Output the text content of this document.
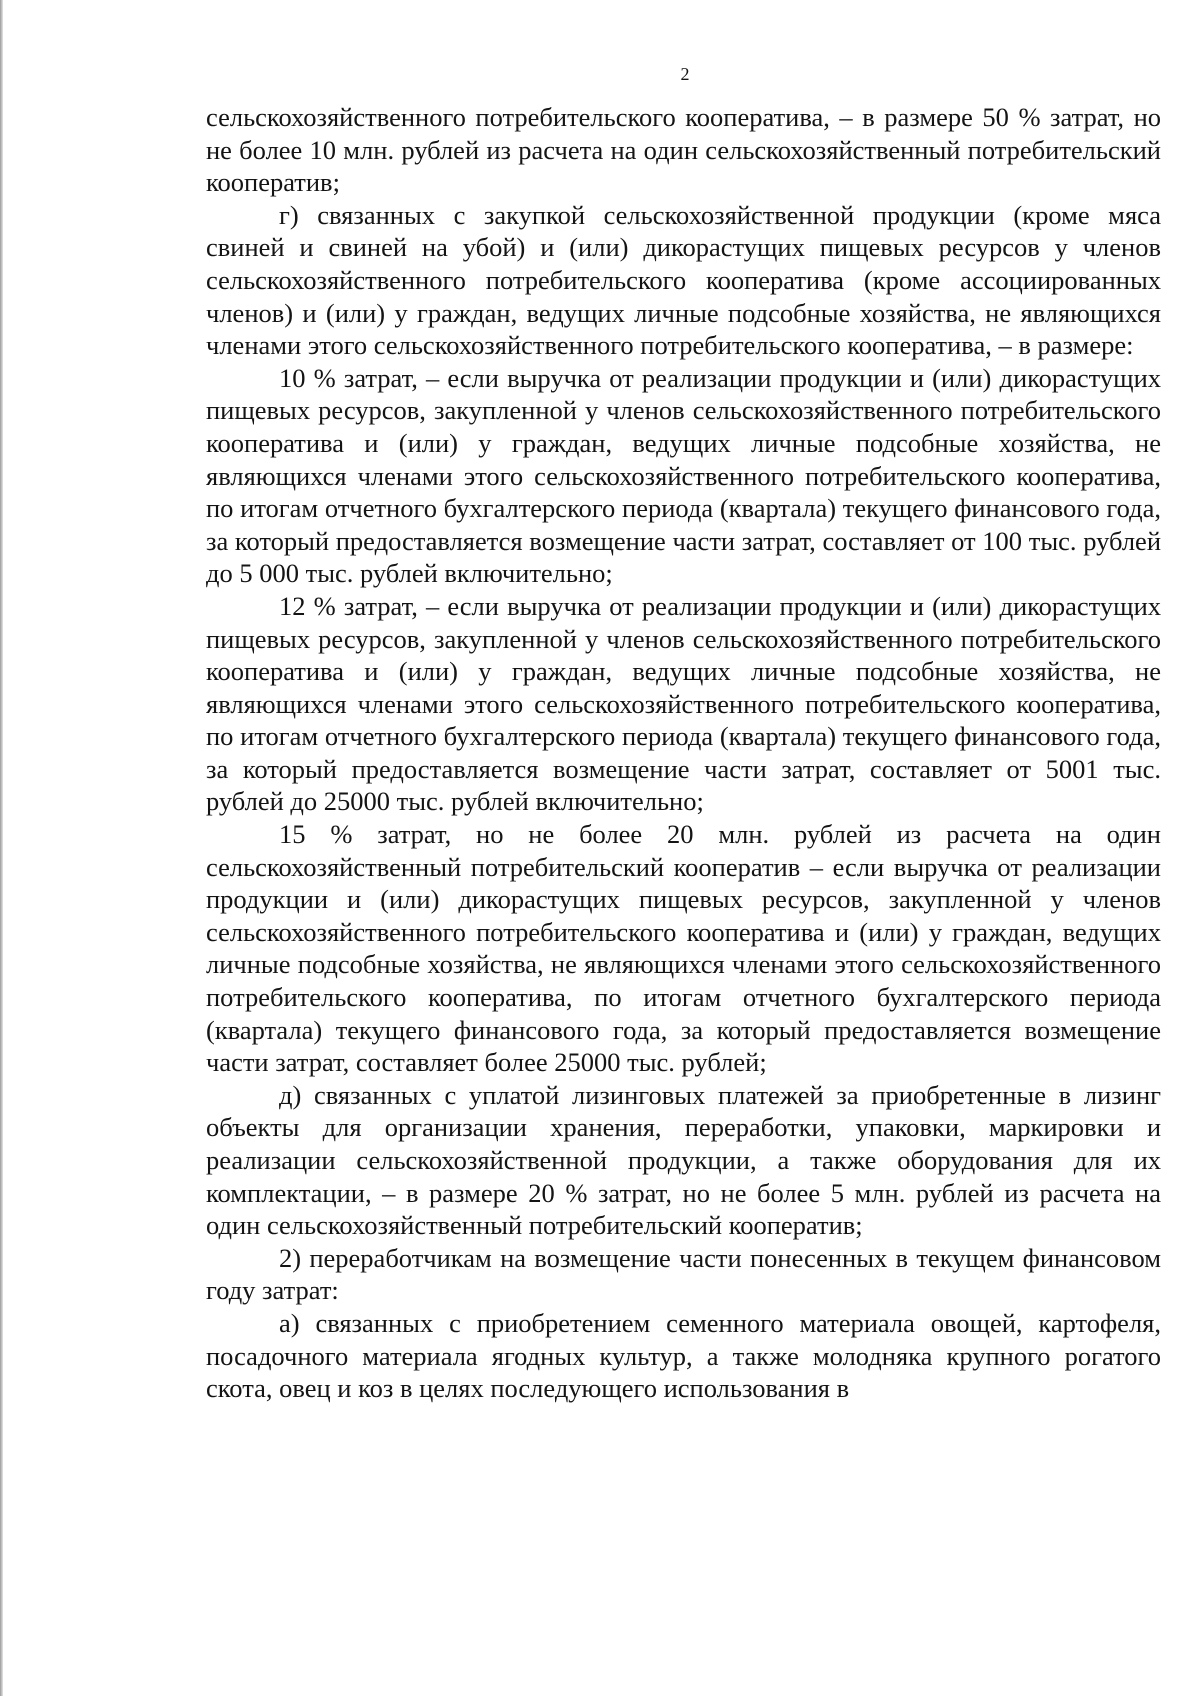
2

сельскохозяйственного потребительского кооператива, – в размере 50 % затрат, но не более 10 млн. рублей из расчета на один сельскохозяйственный потребительский кооператив;

г) связанных с закупкой сельскохозяйственной продукции (кроме мяса свиней и свиней на убой) и (или) дикорастущих пищевых ресурсов у членов сельскохозяйственного потребительского кооператива (кроме ассоциированных членов) и (или) у граждан, ведущих личные подсобные хозяйства, не являющихся членами этого сельскохозяйственного потребительского кооператива, – в размере:

10 % затрат, – если выручка от реализации продукции и (или) дикорастущих пищевых ресурсов, закупленной у членов сельскохозяйственного потребительского кооператива и (или) у граждан, ведущих личные подсобные хозяйства, не являющихся членами этого сельскохозяйственного потребительского кооператива, по итогам отчетного бухгалтерского периода (квартала) текущего финансового года, за который предоставляется возмещение части затрат, составляет от 100 тыс. рублей до 5 000 тыс. рублей включительно;

12 % затрат, – если выручка от реализации продукции и (или) дикорастущих пищевых ресурсов, закупленной у членов сельскохозяйственного потребительского кооператива и (или) у граждан, ведущих личные подсобные хозяйства, не являющихся членами этого сельскохозяйственного потребительского кооператива, по итогам отчетного бухгалтерского периода (квартала) текущего финансового года, за который предоставляется возмещение части затрат, составляет от 5001 тыс. рублей до 25000 тыс. рублей включительно;

15 % затрат, но не более 20 млн. рублей из расчета на один сельскохозяйственный потребительский кооператив – если выручка от реализации продукции и (или) дикорастущих пищевых ресурсов, закупленной у членов сельскохозяйственного потребительского кооператива и (или) у граждан, ведущих личные подсобные хозяйства, не являющихся членами этого сельскохозяйственного потребительского кооператива, по итогам отчетного бухгалтерского периода (квартала) текущего финансового года, за который предоставляется возмещение части затрат, составляет более 25000 тыс. рублей;

д) связанных с уплатой лизинговых платежей за приобретенные в лизинг объекты для организации хранения, переработки, упаковки, маркировки и реализации сельскохозяйственной продукции, а также оборудования для их комплектации, – в размере 20 % затрат, но не более 5 млн. рублей из расчета на один сельскохозяйственный потребительский кооператив;

2) переработчикам на возмещение части понесенных в текущем финансовом году затрат:

а) связанных с приобретением семенного материала овощей, картофеля, посадочного материала ягодных культур, а также молодняка крупного рогатого скота, овец и коз в целях последующего использования в
